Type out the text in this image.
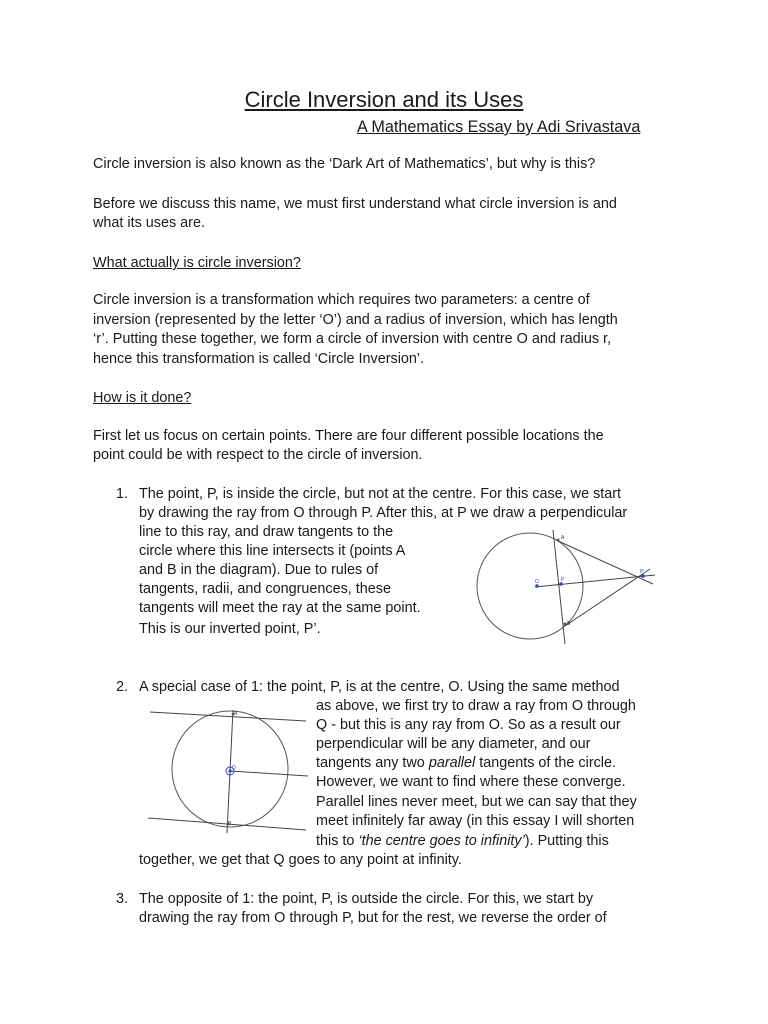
Circle Inversion and its Uses
A Mathematics Essay by Adi Srivastava

Circle inversion is also known as the ‘Dark Art of Mathematics’, but why is this?

Before we discuss this name, we must first understand what circle inversion is and

what its uses are.

What actually is circle inversion?

Circle inversion is a transformation which requires two parameters: a centre of

inversion (represented by the letter ‘O’) and a radius of inversion, which has length

‘r’. Putting these together, we form a circle of inversion with centre O and radius r,

hence this transformation is called ‘Circle Inversion’.

How is it done?

First let us focus on certain points. There are four different possible locations the

point could be with respect to the circle of inversion.

1. The point, P, is inside the circle, but not at the centre. For this case, we start

by drawing the ray from O through P. After this, at P we draw a perpendicular

line to this ray, and draw tangents to the

circle where this line intersects it (points A

and B in the diagram). Due to rules of

tangents, radii, and congruences, these

tangents will meet the ray at the same point.

This is our inverted point, P’.

A
B
O	P
P'
2. A special case of 1: the point, P, is at the centre, O. Using the same method

as above, we first try to draw a ray from O through

Q - but this is any ray from O. So as a result our

perpendicular will be any diameter, and our

tangents any two parallel tangents of the circle.

However, we want to find where these converge.

Parallel lines never meet, but we can say that they

meet infinitely far away (in this essay I will shorten

this to ‘the centre goes to infinity’). Putting this

together, we get that Q goes to any point at infinity.

A
B
O
3. The opposite of 1: the point, P, is outside the circle. For this, we start by

drawing the ray from O through P, but for the rest, we reverse the order of
